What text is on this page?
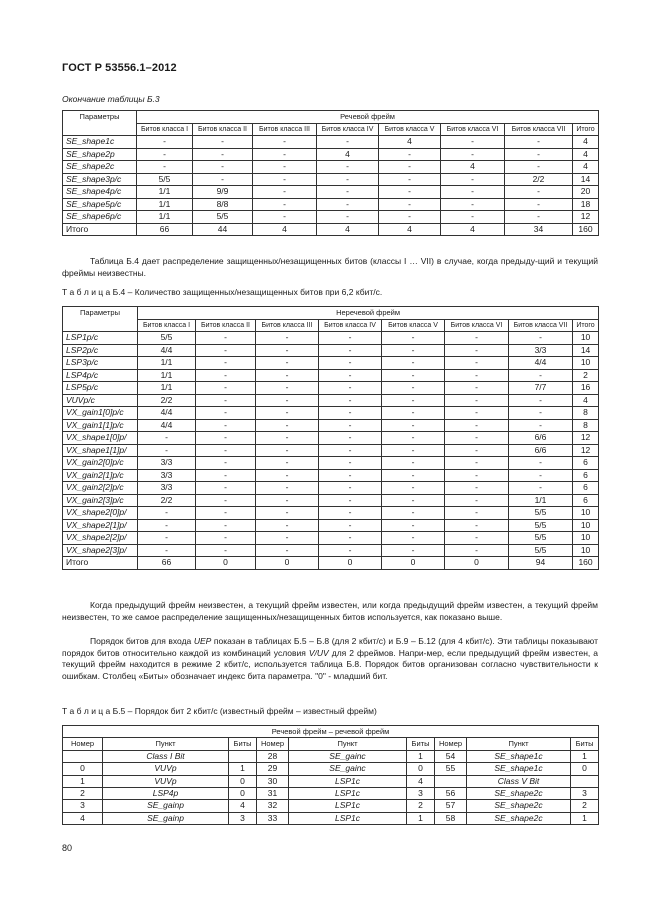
ГОСТ Р 53556.1–2012
Окончание таблицы Б.3
Параметры	Речевой фрейм							
	Битов класса I	Битов класса II	Битов класса III	Битов класса IV	Битов класса V	Битов класса VI	Битов класса VII	Итого
SE_shape1c	-	-	-	-	4	-	-	4
SE_shape2p	-	-	-	4	-	-	-	4
SE_shape2c	-	-	-	-	-	4	-	4
SE_shape3p/c	5/5	-	-	-	-	-	2/2	14
SE_shape4p/c	1/1	9/9	-	-	-	-	-	20
SE_shape5p/c	1/1	8/8	-	-	-	-	-	18
SE_shape6p/c	1/1	5/5	-	-	-	-	-	12
Итого	66	44	4	4	4	4	34	160
Таблица Б.4 дает распределение защищенных/незащищенных битов (классы I … VII) в случае, когда предыду-щий и текущий фреймы неизвестны.
Т а б л и ц а Б.4 – Количество защищенных/незащищенных битов при 6,2 кбит/с.
Параметры	Неречевой фрейм							
	Битов класса I	Битов класса II	Битов класса III	Битов класса IV	Битов класса V	Битов класса VI	Битов класса VII	Итого
LSP1p/c	5/5	-	-	-	-	-	-	10
LSP2p/c	4/4	-	-	-	-	-	3/3	14
LSP3p/c	1/1	-	-	-	-	-	4/4	10
LSP4p/c	1/1	-	-	-	-	-	-	2
LSP5p/c	1/1	-	-	-	-	-	7/7	16
VUVp/c	2/2	-	-	-	-	-	-	4
VX_gain1[0]p/c	4/4	-	-	-	-	-	-	8
VX_gain1[1]p/c	4/4	-	-	-	-	-	-	8
VX_shape1[0]p/	-	-	-	-	-	-	6/6	12
VX_shape1[1]p/	-	-	-	-	-	-	6/6	12
VX_gain2[0]p/c	3/3	-	-	-	-	-	-	6
VX_gain2[1]p/c	3/3	-	-	-	-	-	-	6
VX_gain2[2]p/c	3/3	-	-	-	-	-	-	6
VX_gain2[3]p/c	2/2	-	-	-	-	-	1/1	6
VX_shape2[0]p/	-	-	-	-	-	-	5/5	10
VX_shape2[1]p/	-	-	-	-	-	-	5/5	10
VX_shape2[2]p/	-	-	-	-	-	-	5/5	10
VX_shape2[3]p/	-	-	-	-	-	-	5/5	10
Итого	66	0	0	0	0	0	94	160
Когда предыдущий фрейм неизвестен, а текущий фрейм известен, или когда предыдущий фрейм известен, а текущий фрейм неизвестен, то же самое распределение защищенных/незащищенных битов используется, как показано выше.
Порядок битов для входа UEP показан в таблицах Б.5 – Б.8 (для 2 кбит/с) и Б.9 – Б.12 (для 4 кбит/с). Эти таблицы показывают порядок битов относительно каждой из комбинаций условия V/UV для 2 фреймов. Напри-мер, если предыдущий фрейм известен, а текущий фрейм находится в режиме 2 кбит/с, используется таблица Б.8. Порядок битов организован согласно чувствительности к ошибкам. Столбец «Биты» обозначает индекс бита параметра. "0" - младший бит.
Т а б л и ц а Б.5 – Порядок бит 2 кбит/с (известный фрейм – известный фрейм)
Речевой фрейм – речевой фрейм								
Номер	Пункт	Биты	Номер	Пункт	Биты	Номер	Пункт	Биты
	Class I Bit		28	SE_gainc	1	54	SE_shape1c	1
0	VUVp	1	29	SE_gainc	0	55	SE_shape1c	0
1	VUVp	0	30	LSP1c	4		Class V Bit	
2	LSP4p	0	31	LSP1c	3	56	SE_shape2c	3
3	SE_gainp	4	32	LSP1c	2	57	SE_shape2c	2
4	SE_gainp	3	33	LSP1c	1	58	SE_shape2c	1
80
